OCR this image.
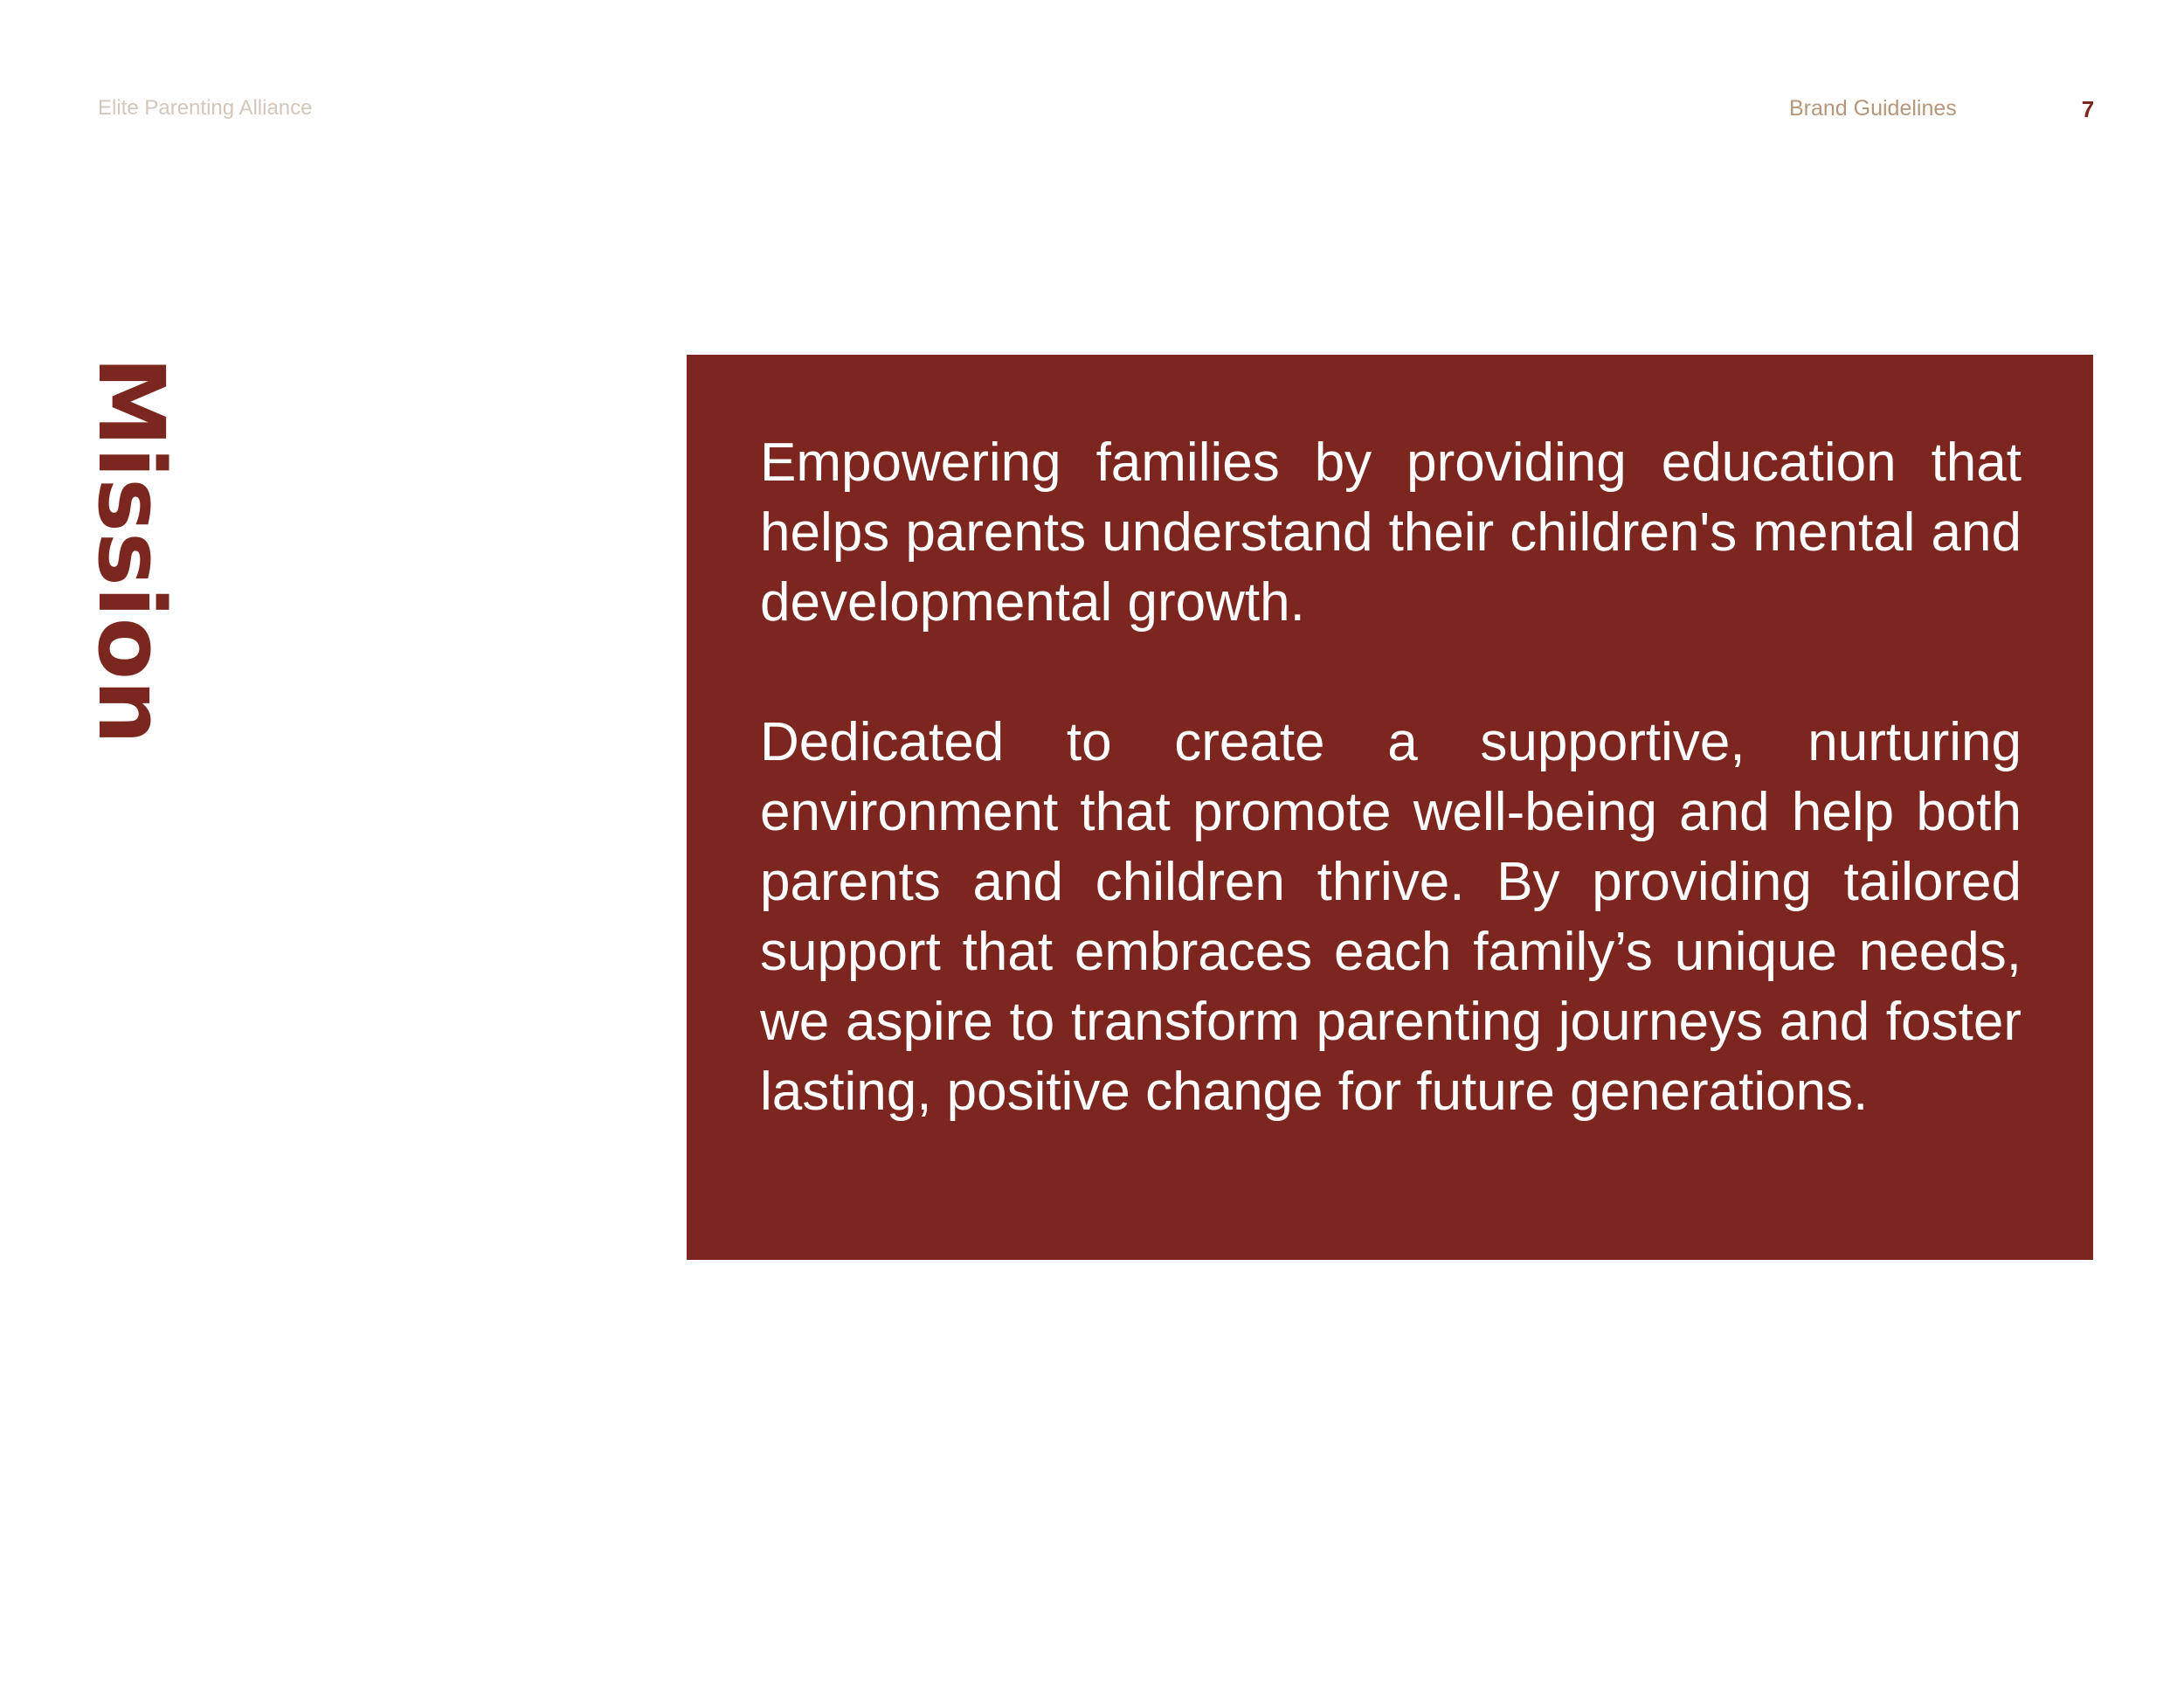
Elite Parenting Alliance	Brand Guidelines	7
Mission	Empowering families by providing education that helps parents understand their children's mental and developmental growth.

Dedicated to create a supportive, nurturing environment that promote well-being and help both parents and children thrive. By providing tailored support that embraces each family’s unique needs, we aspire to transform parenting journeys and foster lasting, positive change for future generations.
